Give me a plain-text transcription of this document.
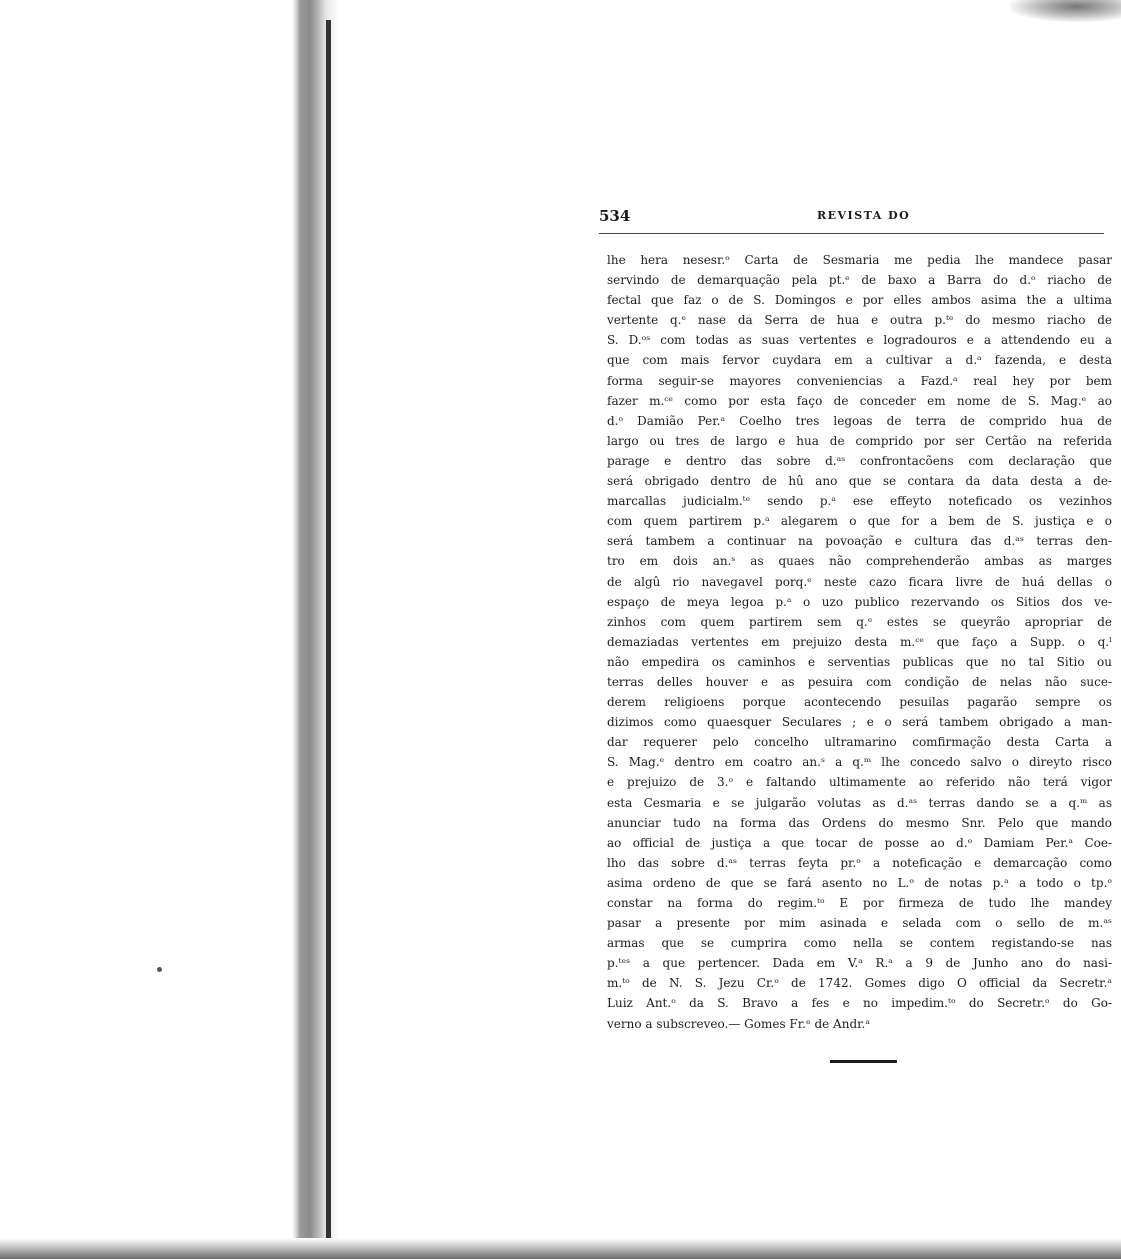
534	REVISTA DO
lhe hera nesesr.ᵒ Carta de Sesmaria me pedia lhe mandece pasar
servindo de demarquação pela pt.ᵉ de baxo a Barra do d.ᵒ riacho de
fectal que faz o de S. Domingos e por elles ambos asima the a ultima
vertente q.ᵉ nase da Serra de hua e outra p.ᵗᵉ do mesmo riacho de
S. D.ᵒˢ com todas as suas vertentes e logradouros e a attendendo eu a
que com mais fervor cuydara em a cultivar a d.ᵃ fazenda, e desta
forma seguir-se mayores conveniencias a Fazd.ᵃ real hey por bem
fazer m.ᶜᵉ como por esta faço de conceder em nome de S. Mag.ᵉ ao
d.ᵒ Damião Per.ᵃ Coelho tres legoas de terra de comprido hua de
largo ou tres de largo e hua de comprido por ser Certão na referida
parage e dentro das sobre d.ᵃˢ confrontacõens com declaração que
será obrigado dentro de hû ano que se contara da data desta a de-
marcallas judicialm.ᵗᵉ sendo p.ᵃ ese effeyto noteficado os vezinhos
com quem partirem p.ᵃ alegarem o que for a bem de S. justiça e o
será tambem a continuar na povoação e cultura das d.ᵃˢ terras den-
tro em dois an.ˢ as quaes não comprehenderão ambas as marges
de algû rio navegavel porq.ᵉ neste cazo ficara livre de huá dellas o
espaço de meya legoa p.ᵃ o uzo publico rezervando os Sitios dos ve-
zinhos com quem partirem sem q.ᵉ estes se queyrão apropriar de
demaziadas vertentes em prejuizo desta m.ᶜᵉ que faço a Supp. o q.ˡ
não empedira os caminhos e serventias publicas que no tal Sitio ou
terras delles houver e as pesuira com condição de nelas não suce-
derem religioens porque acontecendo pesuilas pagarão sempre os
dizimos como quaesquer Seculares ; e o será tambem obrigado a man-
dar requerer pelo concelho ultramarino comfirmação desta Carta a
S. Mag.ᵉ dentro em coatro an.ˢ a q.ᵐ lhe concedo salvo o direyto risco
e prejuizo de 3.ᵒ e faltando ultimamente ao referido não terá vigor
esta Cesmaria e se julgarão volutas as d.ᵃˢ terras dando se a q.ᵐ as
anunciar tudo na forma das Ordens do mesmo Snr. Pelo que mando
ao official de justiça a que tocar de posse ao d.ᵒ Damiam Per.ᵃ Coe-
lho das sobre d.ᵃˢ terras feyta pr.ᵒ a noteficação e demarcação como
asima ordeno de que se fará asento no L.ᵒ de notas p.ᵃ a todo o tp.ᵒ
constar na forma do regim.ᵗᵒ E por firmeza de tudo lhe mandey
pasar a presente por mim asinada e selada com o sello de m.ᵃˢ
armas que se cumprira como nella se contem registando-se nas
p.ᵗᵉˢ a que pertencer. Dada em V.ᵃ R.ᵃ a 9 de Junho ano do nasi-
m.ᵗᵒ de N. S. Jezu Cr.ᵒ de 1742. Gomes digo O official da Secretr.ᵃ
Luiz Ant.ᵒ da S. Bravo a fes e no impedim.ᵗᵒ do Secretr.ᵒ do Go-
verno a subscreveo.— Gomes Fr.ᵉ de Andr.ᵃ
